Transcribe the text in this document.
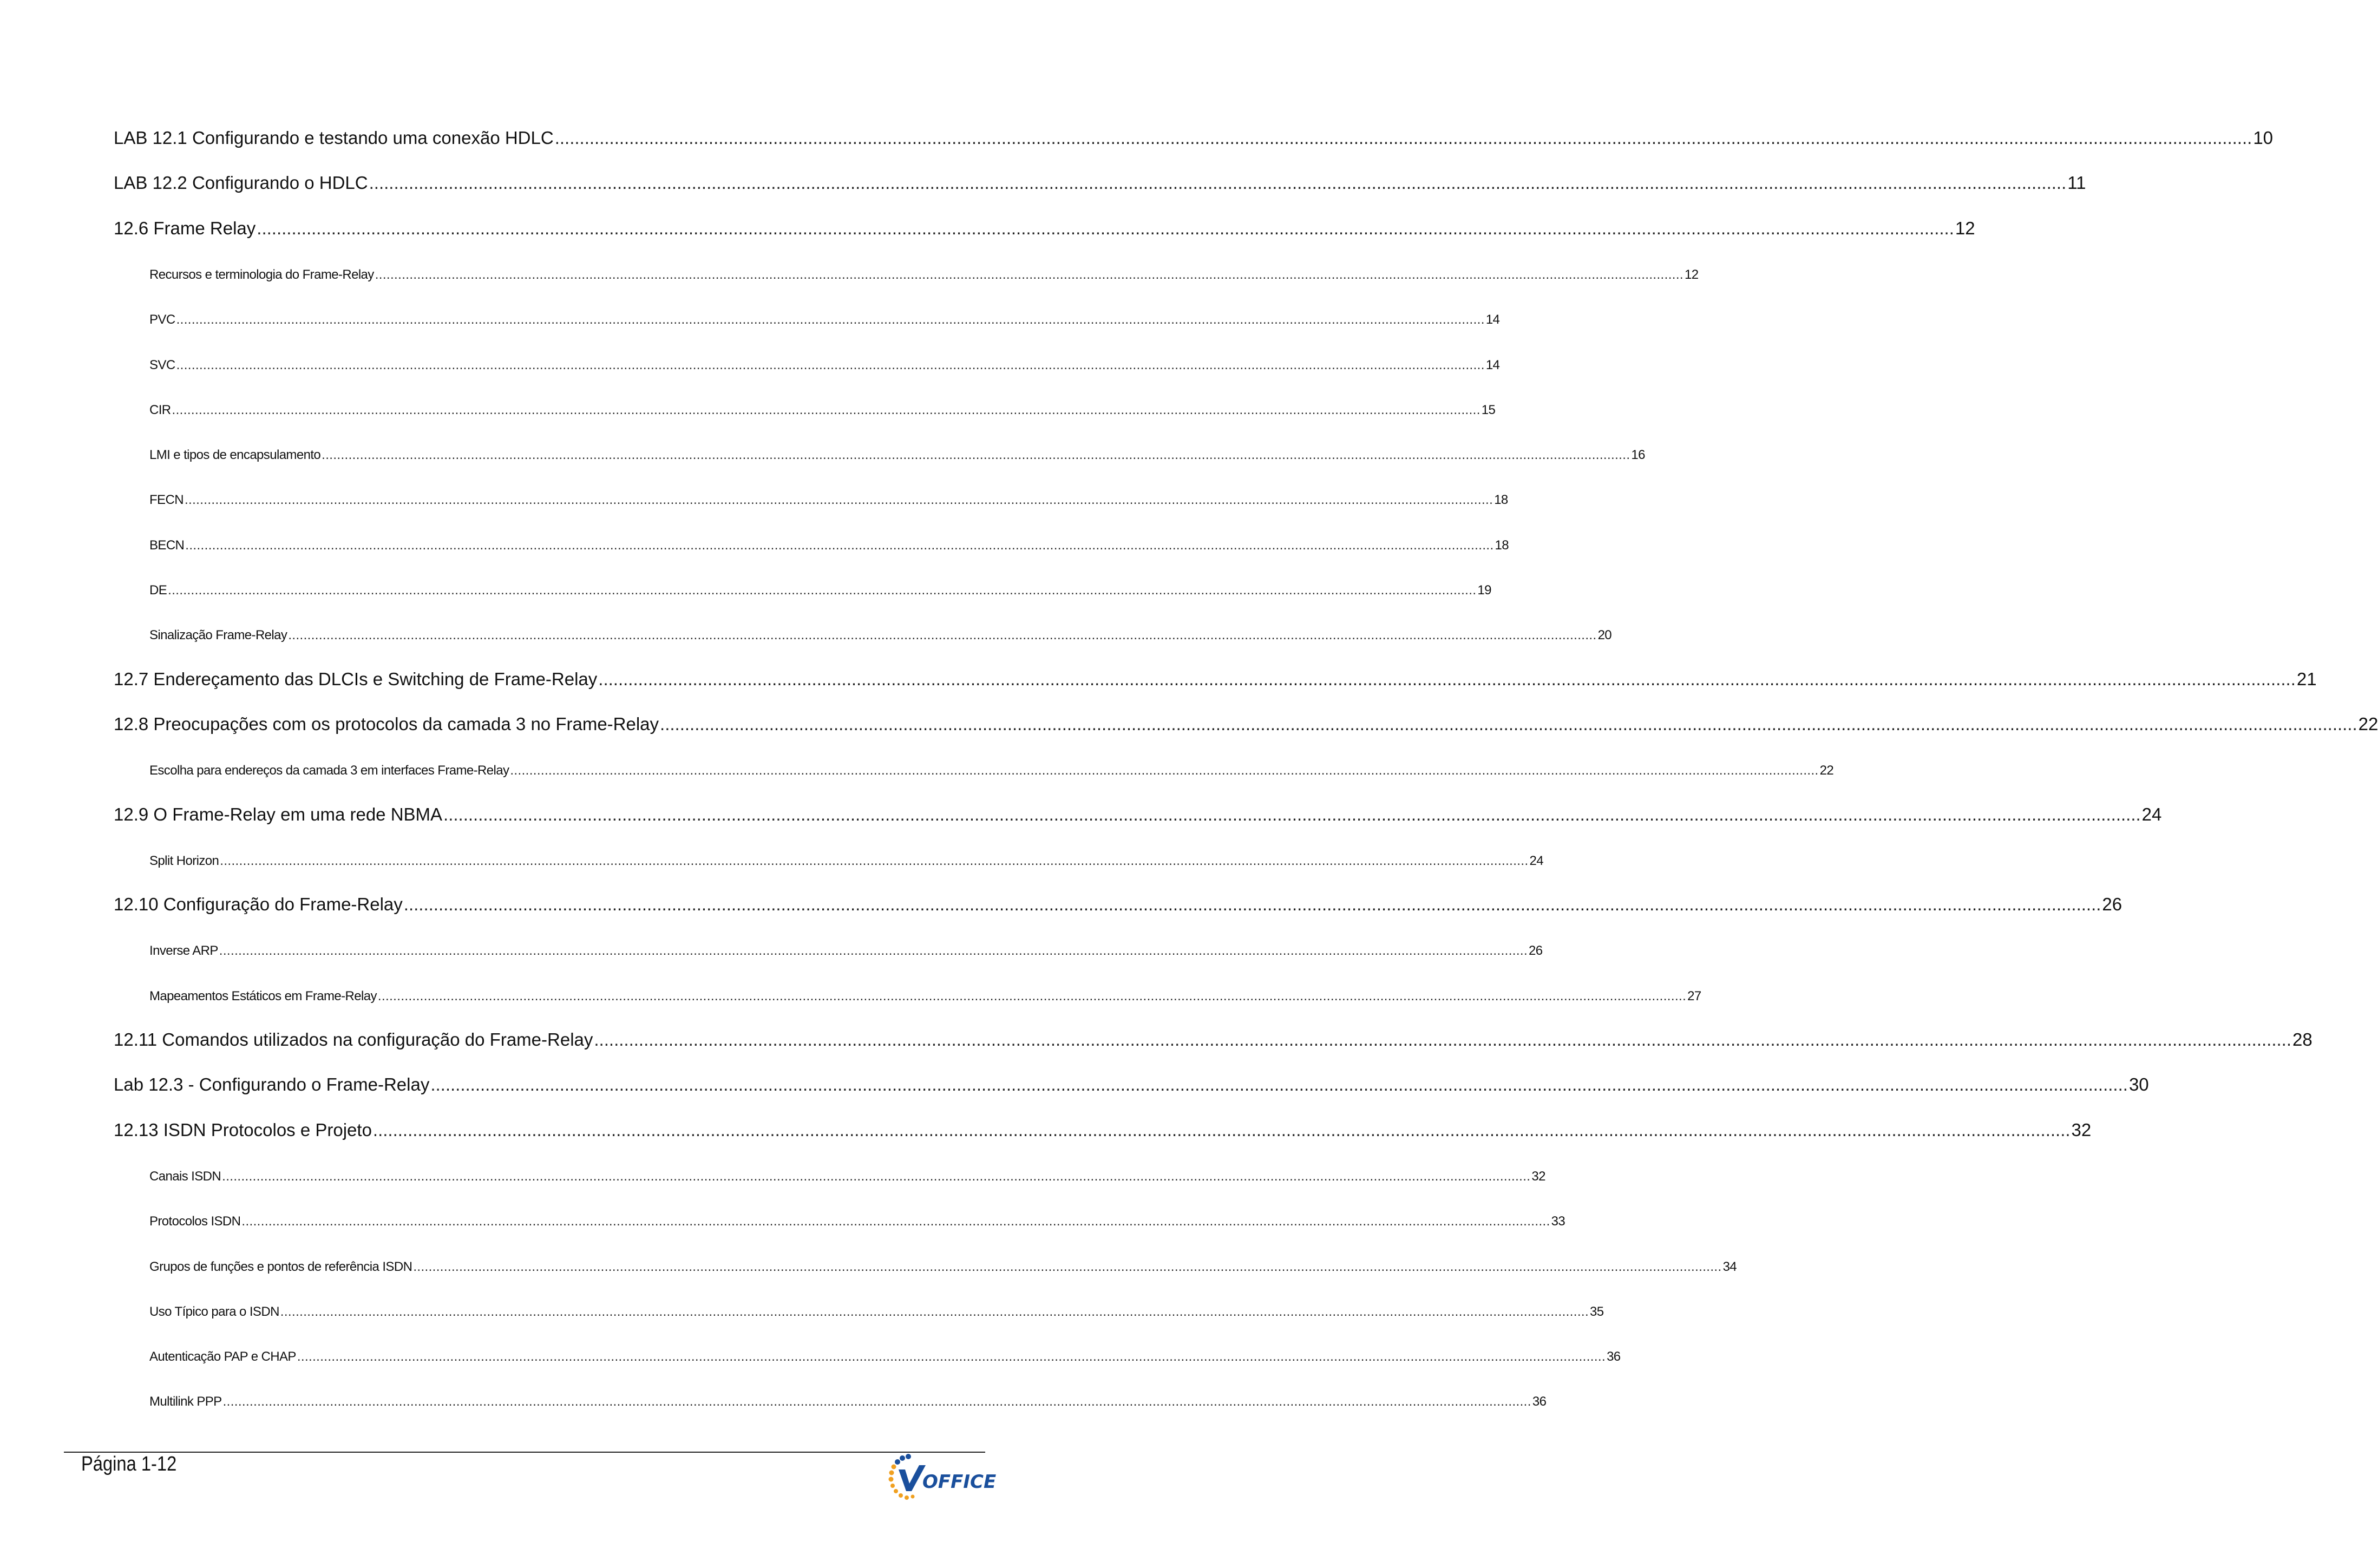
LAB 12.1 Configurando e testando uma conexão HDLC .....	10
LAB 12.2 Configurando o HDLC .....	11
12.6 Frame Relay .....	12
Recursos e terminologia do Frame-Relay .....	12
PVC .....	14
SVC .....	14
CIR .....	15
LMI e tipos de encapsulamento .....	16
FECN .....	18
BECN .....	18
DE .....	19
Sinalização Frame-Relay .....	20
12.7 Endereçamento das DLCIs e Switching de Frame-Relay .....	21
12.8 Preocupações com os protocolos da camada 3 no Frame-Relay .....	22
Escolha para endereços da camada 3 em interfaces Frame-Relay .....	22
12.9 O Frame-Relay em uma rede NBMA .....	24
Split Horizon .....	24
12.10 Configuração do Frame-Relay .....	26
Inverse ARP .....	26
Mapeamentos Estáticos em Frame-Relay .....	27
12.11 Comandos utilizados na configuração do Frame-Relay .....	28
Lab 12.3 - Configurando o Frame-Relay .....	30
12.13 ISDN Protocolos e Projeto .....	32
Canais ISDN .....	32
Protocolos ISDN .....	33
Grupos de funções e pontos de referência ISDN .....	34
Uso Típico para o ISDN .....	35
Autenticação PAP e CHAP .....	36
Multilink PPP .....	36
Página 1-12
OFFICE
